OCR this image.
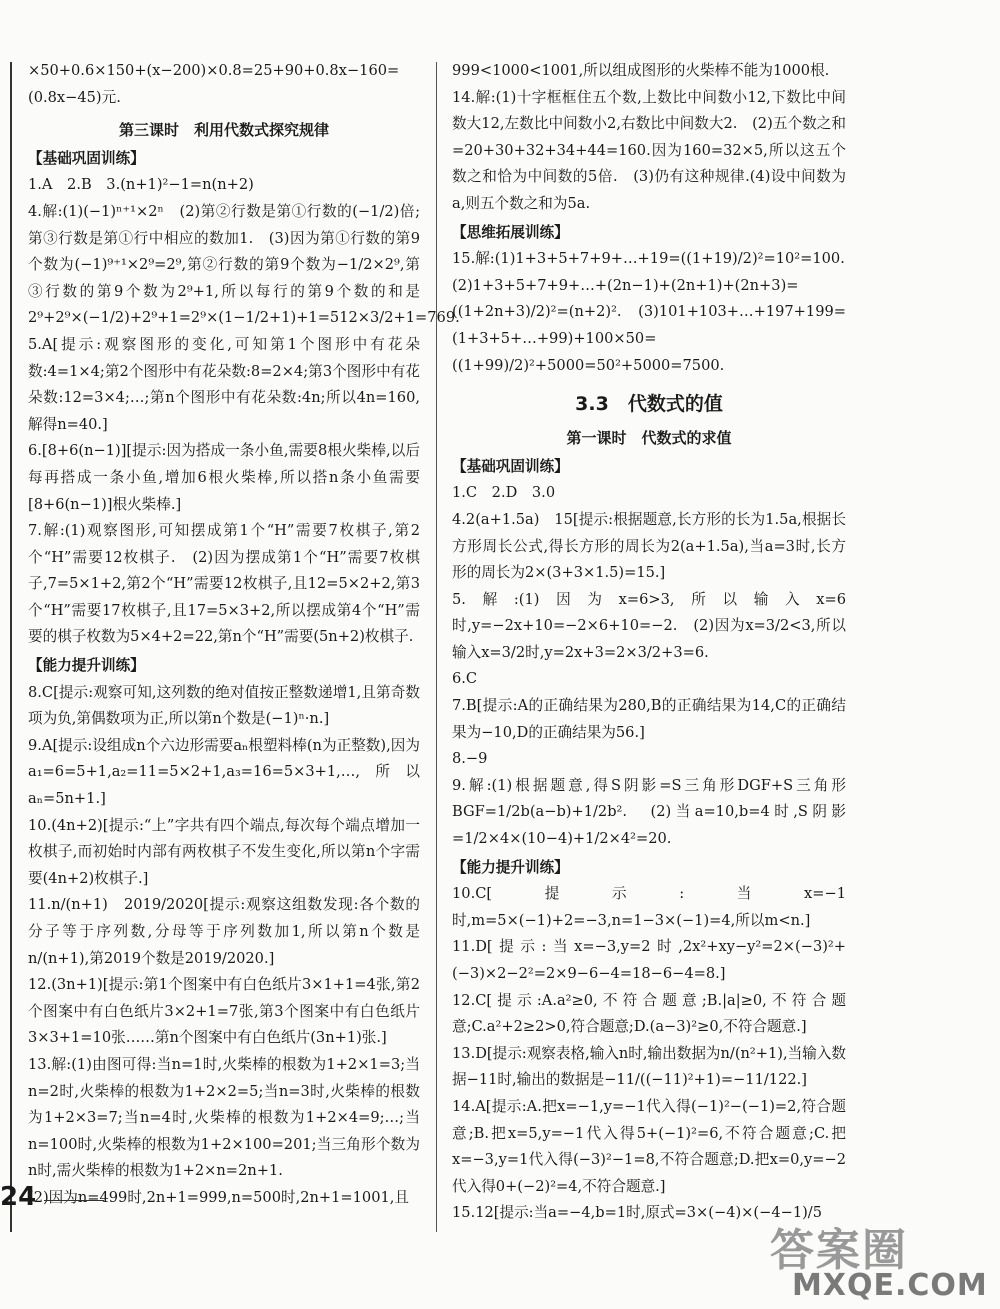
×50+0.6×150+(x−200)×0.8=25+90+0.8x−160=(0.8x−45)元.

第三课时　利用代数式探究规律
【基础巩固训练】

1.A　2.B　3.(n+1)²−1=n(n+2)

4.解:(1)(−1)ⁿ⁺¹×2ⁿ　(2)第②行数是第①行数的(−1/2)倍;第③行数是第①行中相应的数加1.　(3)因为第①行数的第9个数为(−1)⁹⁺¹×2⁹=2⁹,第②行数的第9个数为−1/2×2⁹,第③行数的第9个数为2⁹+1,所以每行的第9个数的和是2⁹+2⁹×(−1/2)+2⁹+1=2⁹×(1−1/2+1)+1=512×3/2+1=769.

5.A[提示:观察图形的变化,可知第1个图形中有花朵数:4=1×4;第2个图形中有花朵数:8=2×4;第3个图形中有花朵数:12=3×4;…;第n个图形中有花朵数:4n;所以4n=160,解得n=40.]

6.[8+6(n−1)][提示:因为搭成一条小鱼,需要8根火柴棒,以后每再搭成一条小鱼,增加6根火柴棒,所以搭n条小鱼需要[8+6(n−1)]根火柴棒.]

7.解:(1)观察图形,可知摆成第1个“H”需要7枚棋子,第2个“H”需要12枚棋子.　(2)因为摆成第1个“H”需要7枚棋子,7=5×1+2,第2个“H”需要12枚棋子,且12=5×2+2,第3个“H”需要17枚棋子,且17=5×3+2,所以摆成第4个“H”需要的棋子枚数为5×4+2=22,第n个“H”需要(5n+2)枚棋子.

【能力提升训练】

8.C[提示:观察可知,这列数的绝对值按正整数递增1,且第奇数项为负,第偶数项为正,所以第n个数是(−1)ⁿ·n.]

9.A[提示:设组成n个六边形需要aₙ根塑料棒(n为正整数),因为a₁=6=5+1,a₂=11=5×2+1,a₃=16=5×3+1,…,所以aₙ=5n+1.]

10.(4n+2)[提示:“上”字共有四个端点,每次每个端点增加一枚棋子,而初始时内部有两枚棋子不发生变化,所以第n个字需要(4n+2)枚棋子.]

11.n/(n+1)　2019/2020[提示:观察这组数发现:各个数的分子等于序列数,分母等于序列数加1,所以第n个数是n/(n+1),第2019个数是2019/2020.]

12.(3n+1)[提示:第1个图案中有白色纸片3×1+1=4张,第2个图案中有白色纸片3×2+1=7张,第3个图案中有白色纸片3×3+1=10张……第n个图案中有白色纸片(3n+1)张.]

13.解:(1)由图可得:当n=1时,火柴棒的根数为1+2×1=3;当n=2时,火柴棒的根数为1+2×2=5;当n=3时,火柴棒的根数为1+2×3=7;当n=4时,火柴棒的根数为1+2×4=9;…;当n=100时,火柴棒的根数为1+2×100=201;当三角形个数为n时,需火柴棒的根数为1+2×n=2n+1.

(2)因为n=499时,2n+1=999,n=500时,2n+1=1001,且

999<1000<1001,所以组成图形的火柴棒不能为1000根.

14.解:(1)十字框框住五个数,上数比中间数小12,下数比中间数大12,左数比中间数小2,右数比中间数大2.　(2)五个数之和=20+30+32+34+44=160.因为160=32×5,所以这五个数之和恰为中间数的5倍.　(3)仍有这种规律.(4)设中间数为a,则五个数之和为5a.

【思维拓展训练】

15.解:(1)1+3+5+7+9+…+19=((1+19)/2)²=10²=100.

(2)1+3+5+7+9+…+(2n−1)+(2n+1)+(2n+3)=((1+2n+3)/2)²=(n+2)².　(3)101+103+…+197+199=(1+3+5+…+99)+100×50=((1+99)/2)²+5000=50²+5000=7500.

3.3　代数式的值
第一课时　代数式的求值
【基础巩固训练】

1.C　2.D　3.0

4.2(a+1.5a)　15[提示:根据题意,长方形的长为1.5a,根据长方形周长公式,得长方形的周长为2(a+1.5a),当a=3时,长方形的周长为2×(3+3×1.5)=15.]

5.解:(1)因为x=6>3,所以输入x=6时,y=−2x+10=−2×6+10=−2.　(2)因为x=3/2<3,所以输入x=3/2时,y=2x+3=2×3/2+3=6.

6.C

7.B[提示:A的正确结果为280,B的正确结果为14,C的正确结果为−10,D的正确结果为56.]

8.−9

9.解:(1)根据题意,得S阴影=S三角形DGF+S三角形BGF=1/2b(a−b)+1/2b².　(2)当a=10,b=4时,S阴影=1/2×4×(10−4)+1/2×4²=20.

【能力提升训练】

10.C[提示:当x=−1时,m=5×(−1)+2=−3,n=1−3×(−1)=4,所以m<n.]

11.D[提示:当x=−3,y=2时,2x²+xy−y²=2×(−3)²+(−3)×2−2²=2×9−6−4=18−6−4=8.]

12.C[提示:A.a²≥0,不符合题意;B.|a|≥0,不符合题意;C.a²+2≥2>0,符合题意;D.(a−3)²≥0,不符合题意.]

13.D[提示:观察表格,输入n时,输出数据为n/(n²+1),当输入数据−11时,输出的数据是−11/((−11)²+1)=−11/122.]

14.A[提示:A.把x=−1,y=−1代入得(−1)²−(−1)=2,符合题意;B.把x=5,y=−1代入得5+(−1)²=6,不符合题意;C.把x=−3,y=1代入得(−3)²−1=8,不符合题意;D.把x=0,y=−2代入得0+(−2)²=4,不符合题意.]

15.12[提示:当a=−4,b=1时,原式=3×(−4)×(−4−1)/5

24
答案圈
MXQE.COM
